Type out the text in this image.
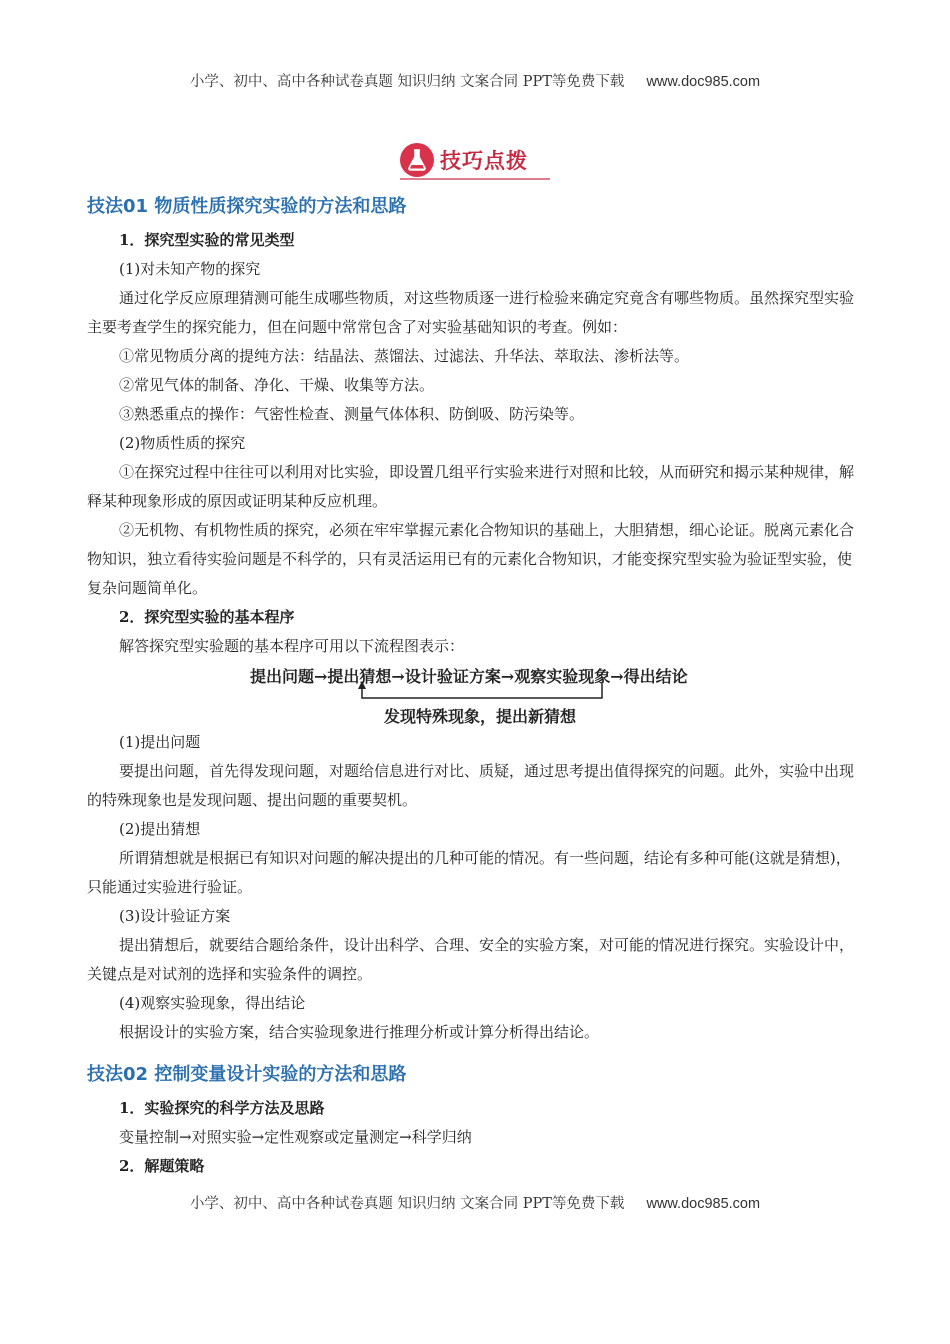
小学、初中、高中各种试卷真题 知识归纳 文案合同 PPT等免费下载 www.doc985.com
技巧点拨
技法01 物质性质探究实验的方法和思路

1．探究型实验的常见类型

(1)对未知产物的探究

通过化学反应原理猜测可能生成哪些物质，对这些物质逐一进行检验来确定究竟含有哪些物质。虽然探究型实验主要考查学生的探究能力，但在问题中常常包含了对实验基础知识的考查。例如：

①常见物质分离的提纯方法：结晶法、蒸馏法、过滤法、升华法、萃取法、渗析法等。

②常见气体的制备、净化、干燥、收集等方法。

③熟悉重点的操作：气密性检查、测量气体体积、防倒吸、防污染等。

(2)物质性质的探究

①在探究过程中往往可以利用对比实验，即设置几组平行实验来进行对照和比较，从而研究和揭示某种规律，解释某种现象形成的原因或证明某种反应机理。

②无机物、有机物性质的探究，必须在牢牢掌握元素化合物知识的基础上，大胆猜想，细心论证。脱离元素化合物知识，独立看待实验问题是不科学的，只有灵活运用已有的元素化合物知识，才能变探究型实验为验证型实验，使复杂问题简单化。

2．探究型实验的基本程序

解答探究型实验题的基本程序可用以下流程图表示：

提出问题→提出猜想→设计验证方案→观察实验现象→得出结论
发现特殊现象，提出新猜想

(1)提出问题

要提出问题，首先得发现问题，对题给信息进行对比、质疑，通过思考提出值得探究的问题。此外，实验中出现的特殊现象也是发现问题、提出问题的重要契机。

(2)提出猜想

所谓猜想就是根据已有知识对问题的解决提出的几种可能的情况。有一些问题，结论有多种可能(这就是猜想)，只能通过实验进行验证。

(3)设计验证方案

提出猜想后，就要结合题给条件，设计出科学、合理、安全的实验方案，对可能的情况进行探究。实验设计中，关键点是对试剂的选择和实验条件的调控。

(4)观察实验现象，得出结论

根据设计的实验方案，结合实验现象进行推理分析或计算分析得出结论。

技法02 控制变量设计实验的方法和思路

1．实验探究的科学方法及思路

变量控制→对照实验→定性观察或定量测定→科学归纳

2．解题策略

小学、初中、高中各种试卷真题 知识归纳 文案合同 PPT等免费下载 www.doc985.com
